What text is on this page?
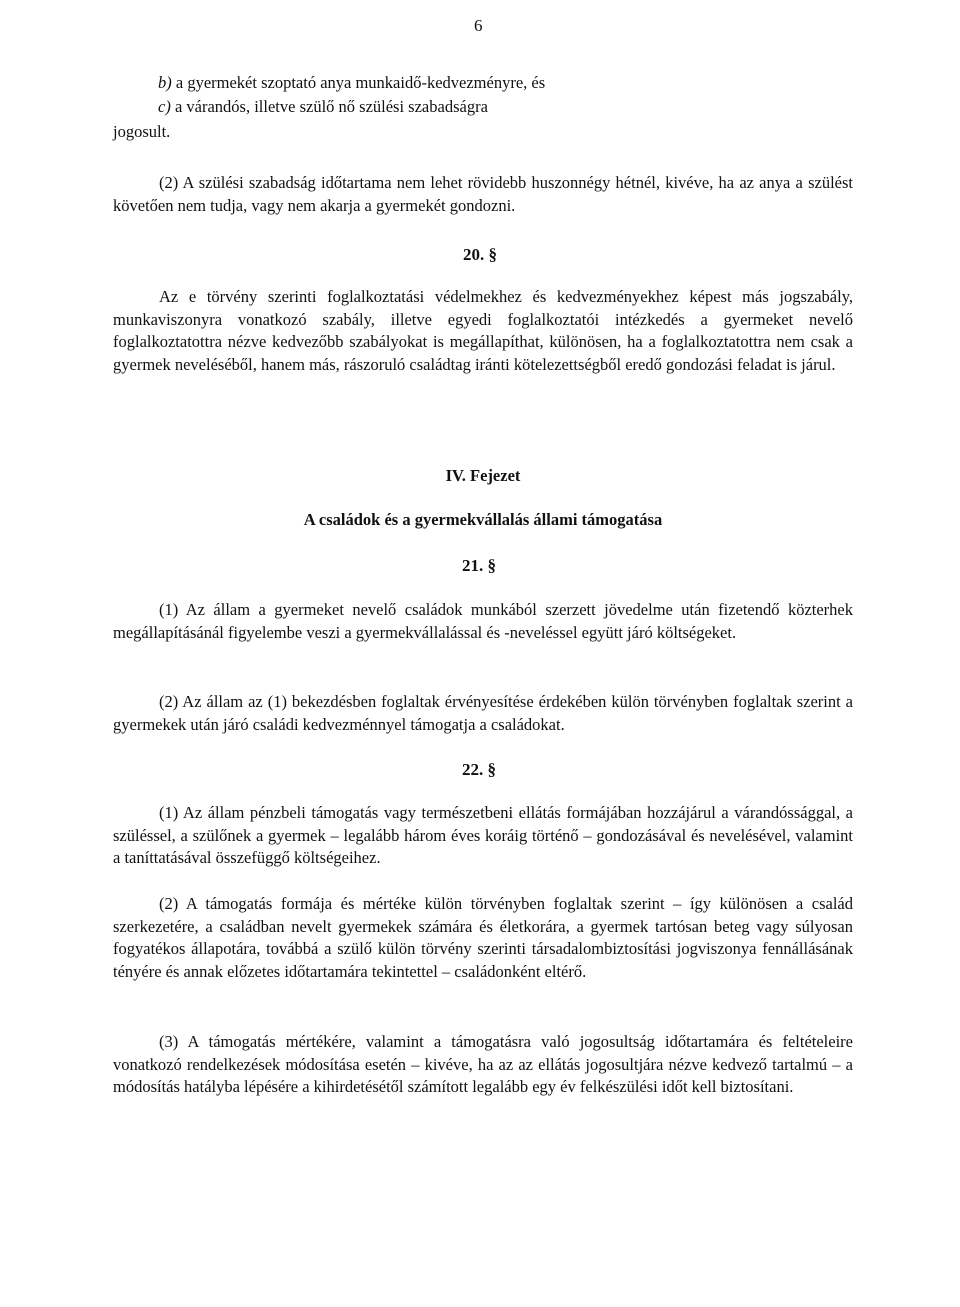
6
b) a gyermekét szoptató anya munkaidő-kedvezményre, és
c) a várandós, illetve szülő nő szülési szabadságra
jogosult.
(2) A szülési szabadság időtartama nem lehet rövidebb huszonnégy hétnél, kivéve, ha az anya a szülést követően nem tudja, vagy nem akarja a gyermekét gondozni.
20. §
Az e törvény szerinti foglalkoztatási védelmekhez és kedvezményekhez képest más jogszabály, munkaviszonyra vonatkozó szabály, illetve egyedi foglalkoztatói intézkedés a gyermeket nevelő foglalkoztatottra nézve kedvezőbb szabályokat is megállapíthat, különösen, ha a foglalkoztatottra nem csak a gyermek neveléséből, hanem más, rászoruló családtag iránti kötelezettségből eredő gondozási feladat is járul.
IV. Fejezet
A családok és a gyermekvállalás állami támogatása
21. §
(1) Az állam a gyermeket nevelő családok munkából szerzett jövedelme után fizetendő közterhek megállapításánál figyelembe veszi a gyermekvállalással és -neveléssel együtt járó költségeket.
(2) Az állam az (1) bekezdésben foglaltak érvényesítése érdekében külön törvényben foglaltak szerint a gyermekek után járó családi kedvezménnyel támogatja a családokat.
22. §
(1) Az állam pénzbeli támogatás vagy természetbeni ellátás formájában hozzájárul a várandóssággal, a szüléssel, a szülőnek a gyermek – legalább három éves koráig történő – gondozásával és nevelésével, valamint a taníttatásával összefüggő költségeihez.
(2) A támogatás formája és mértéke külön törvényben foglaltak szerint – így különösen a család szerkezetére, a családban nevelt gyermekek számára és életkorára, a gyermek tartósan beteg vagy súlyosan fogyatékos állapotára, továbbá a szülő külön törvény szerinti társadalombiztosítási jogviszonya fennállásának tényére és annak előzetes időtartamára tekintettel – családonként eltérő.
(3) A támogatás mértékére, valamint a támogatásra való jogosultság időtartamára és feltételeire vonatkozó rendelkezések módosítása esetén – kivéve, ha az az ellátás jogosultjára nézve kedvező tartalmú – a módosítás hatályba lépésére a kihirdetésétől számított legalább egy év felkészülési időt kell biztosítani.
